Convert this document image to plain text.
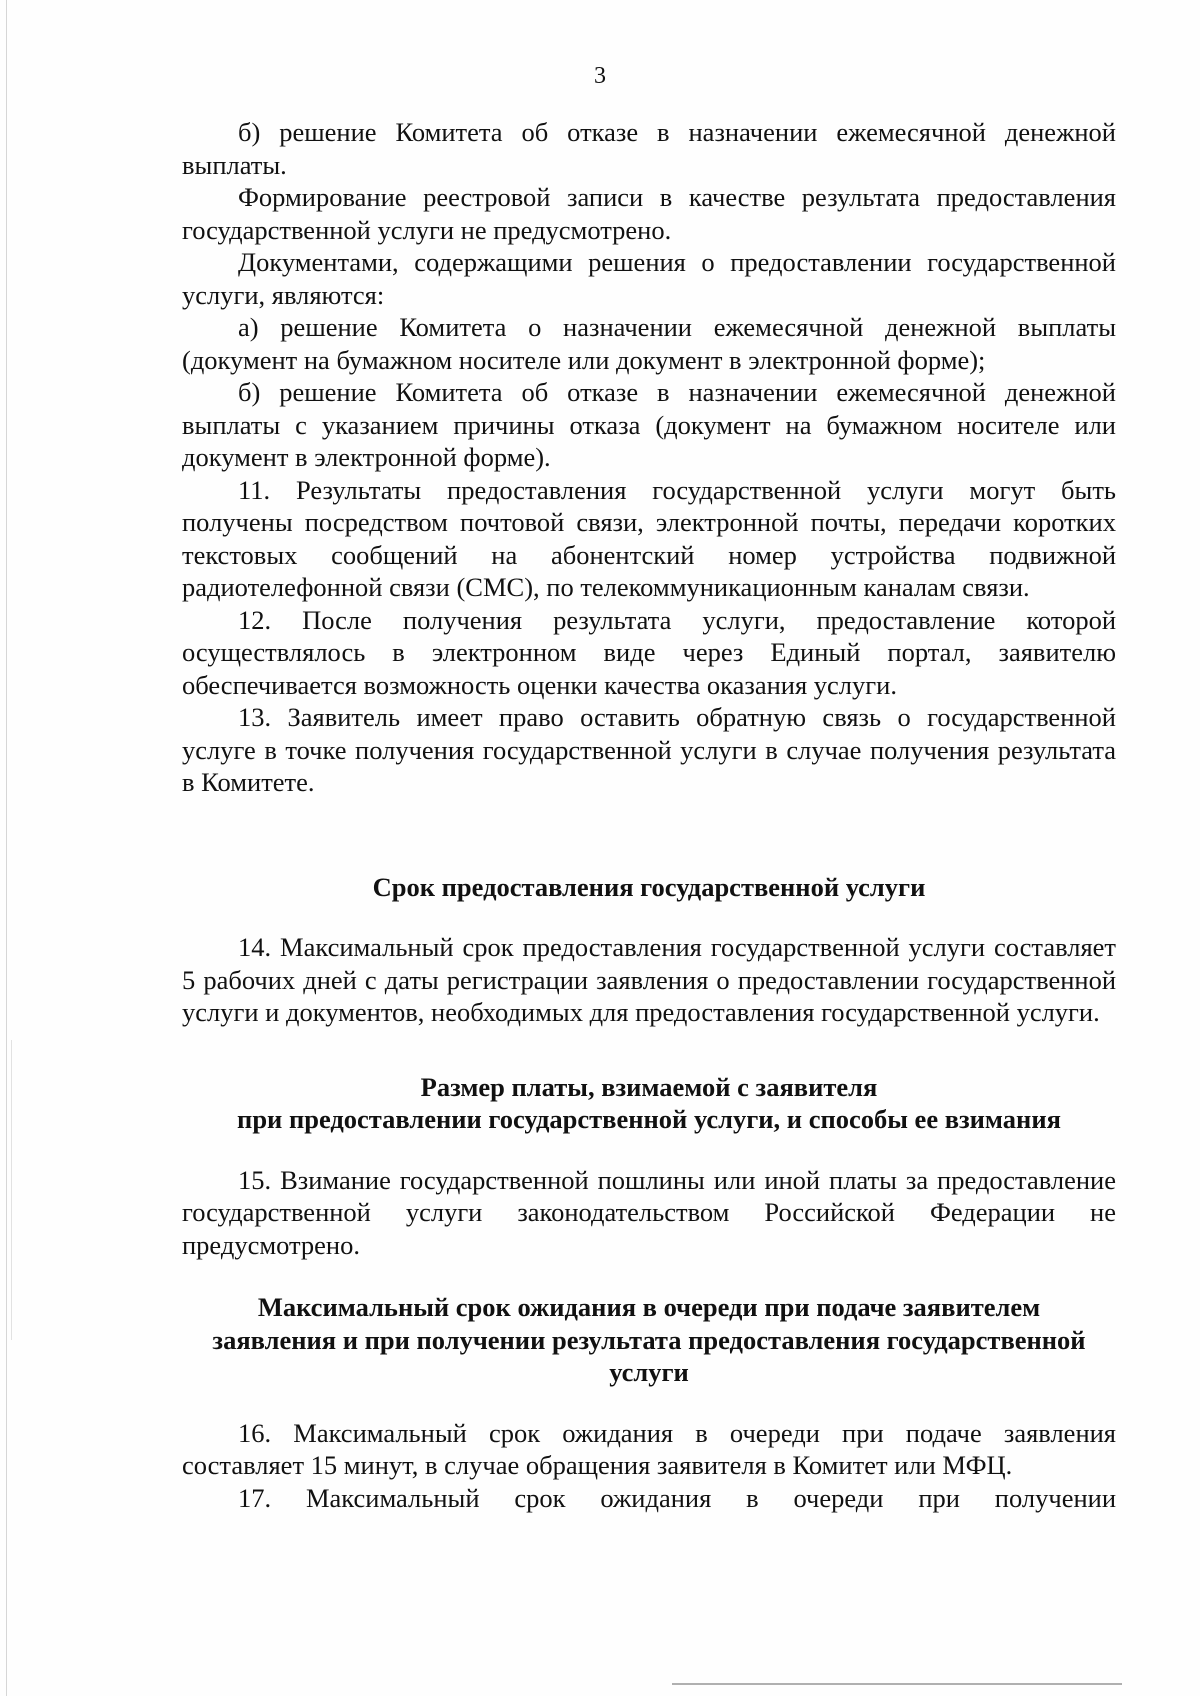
3

б) решение Комитета об отказе в назначении ежемесячной денежной выплаты.

Формирование реестровой записи в качестве результата предоставления государственной услуги не предусмотрено.

Документами, содержащими решения о предоставлении государственной услуги, являются:

а) решение Комитета о назначении ежемесячной денежной выплаты (документ на бумажном носителе или документ в электронной форме);

б) решение Комитета об отказе в назначении ежемесячной денежной выплаты с указанием причины отказа (документ на бумажном носителе или документ в электронной форме).

11. Результаты предоставления государственной услуги могут быть получены посредством почтовой связи, электронной почты, передачи коротких текстовых сообщений на абонентский номер устройства подвижной радиотелефонной связи (СМС), по телекоммуникационным каналам связи.

12. После получения результата услуги, предоставление которой осуществлялось в электронном виде через Единый портал, заявителю обеспечивается возможность оценки качества оказания услуги.

13. Заявитель имеет право оставить обратную связь о государственной услуге в точке получения государственной услуги в случае получения результата в Комитете.

Срок предоставления государственной услуги

14. Максимальный срок предоставления государственной услуги составляет 5 рабочих дней с даты регистрации заявления о предоставлении государственной услуги и документов, необходимых для предоставления государственной услуги.

Размер платы, взимаемой с заявителя

при предоставлении государственной услуги, и способы ее взимания

15. Взимание государственной пошлины или иной платы за предоставление государственной услуги законодательством Российской Федерации не предусмотрено.

Максимальный срок ожидания в очереди при подаче заявителем

заявления и при получении результата предоставления государственной

услуги

16. Максимальный срок ожидания в очереди при подаче заявления составляет 15 минут, в случае обращения заявителя в Комитет или МФЦ.

17. Максимальный срок ожидания в очереди при получении
